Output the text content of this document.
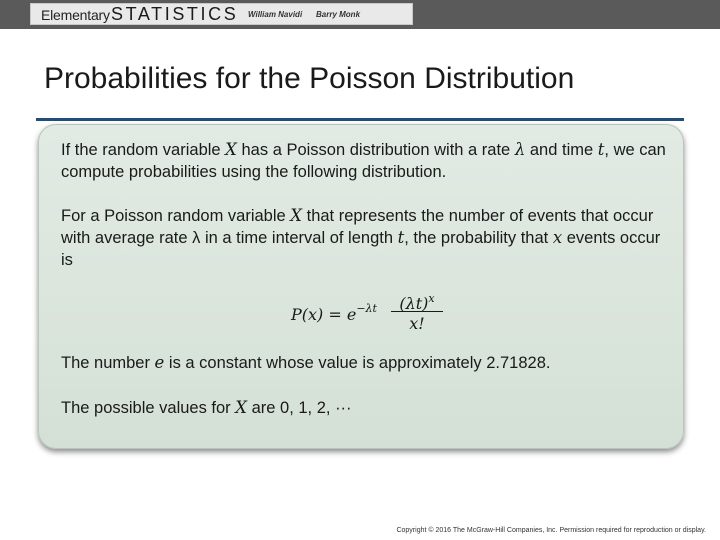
Elementary STATISTICS William Navidi Barry Monk
Probabilities for the Poisson Distribution
If the random variable X has a Poisson distribution with a rate λ and time t, we can compute probabilities using the following distribution.
For a Poisson random variable X that represents the number of events that occur with average rate λ in a time interval of length t, the probability that x events occur is
$P(x) = e^{-\lambda t}$	$(\lambda t)^x$
x!
The number e is a constant whose value is approximately 2.71828.
The possible values for X are 0, 1, 2, ···
Copyright © 2016 The McGraw-Hill Companies, Inc. Permission required for reproduction or display.
